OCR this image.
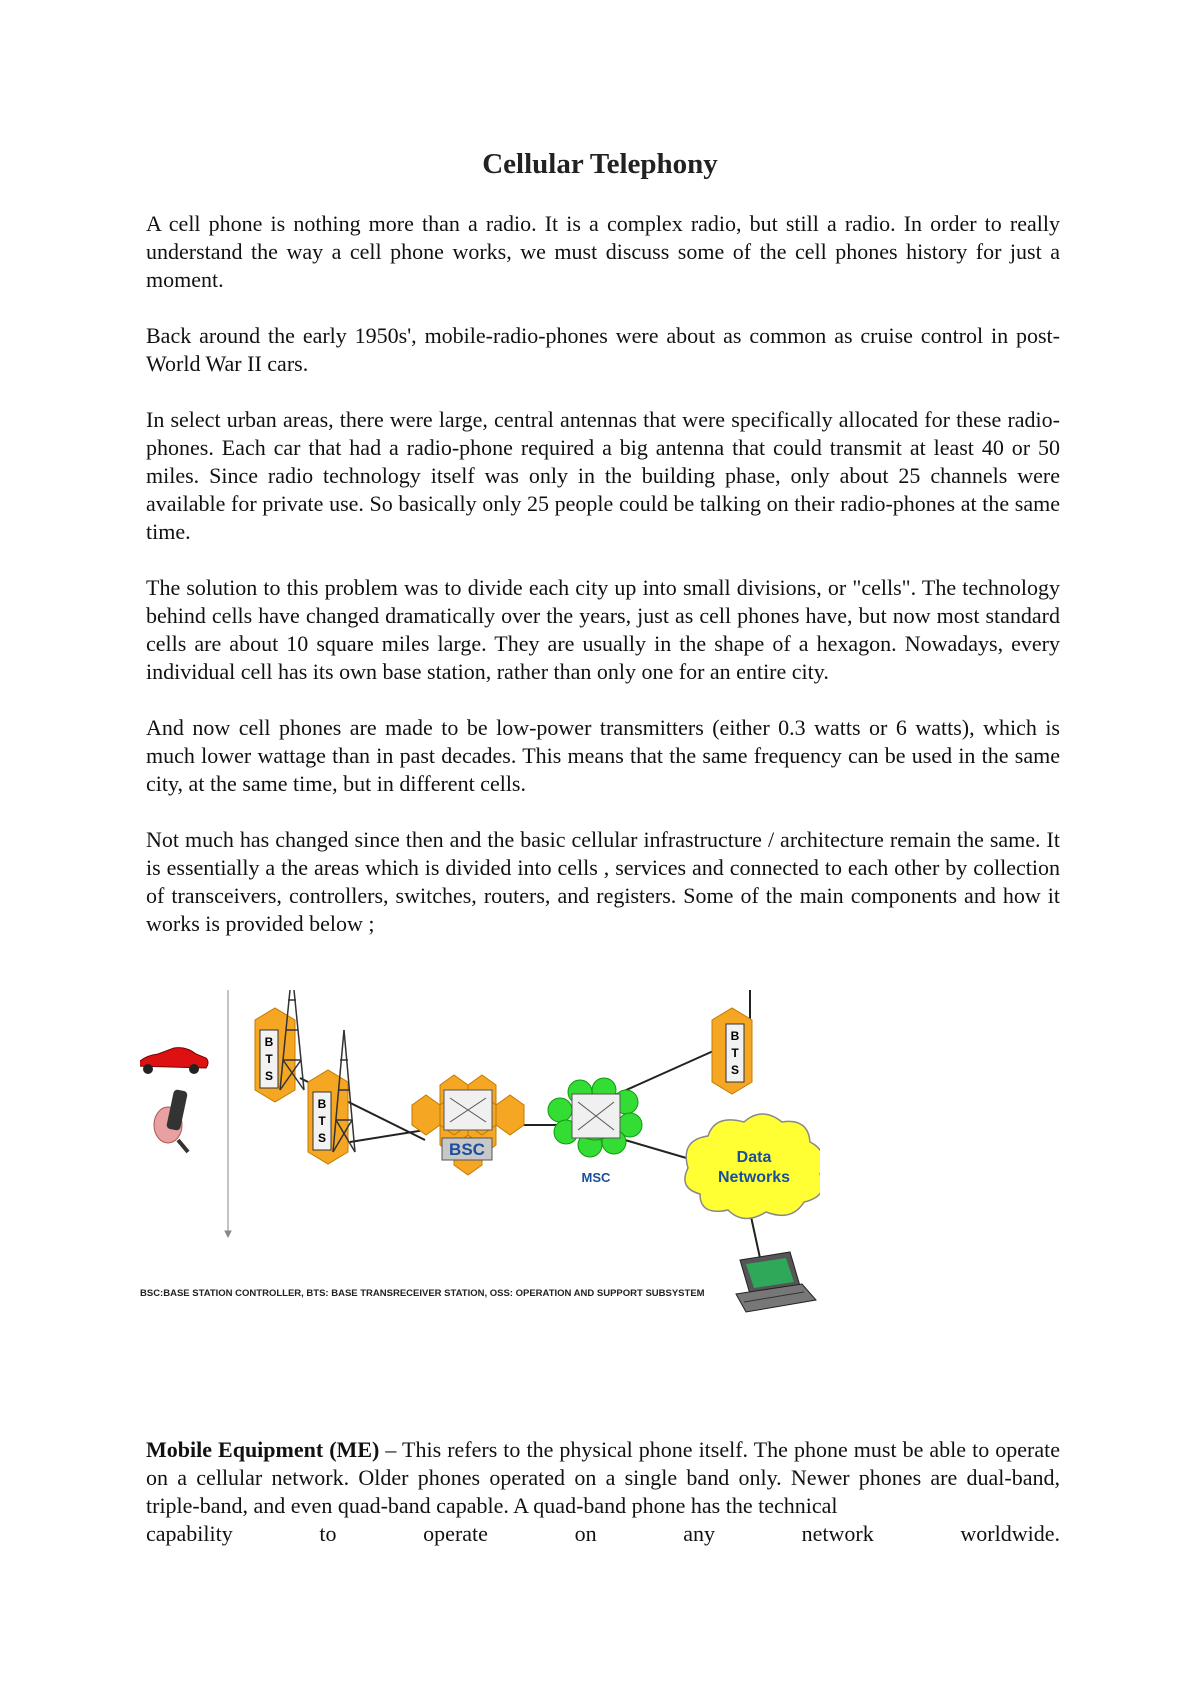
Cellular Telephony

A cell phone is nothing more than a radio. It is a complex radio, but still a radio. In order to really understand the way a cell phone works, we must discuss some of the cell phones history for just a moment.

Back around the early 1950s', mobile-radio-phones were about as common as cruise control in post- World War II cars.

In select urban areas, there were large, central antennas that were specifically allocated for these radio-phones. Each car that had a radio-phone required a big antenna that could transmit at least 40 or 50 miles. Since radio technology itself was only in the building phase, only about 25 channels were available for private use. So basically only 25 people could be talking on their radio-phones at the same time.

The solution to this problem was to divide each city up into small divisions, or "cells". The technology behind cells have changed dramatically over the years, just as cell phones have, but now most standard cells are about 10 square miles large. They are usually in the shape of a hexagon. Nowadays, every individual cell has its own base station, rather than only one for an entire city.

And now cell phones are made to be low-power transmitters (either 0.3 watts or 6 watts), which is much lower wattage than in past decades. This means that the same frequency can be used in the same city, at the same time, but in different cells.

Not much has changed since then and the basic cellular infrastructure / architecture remain the same. It is essentially a the areas which is divided into cells , services and connected to each other by collection of transceivers, controllers, switches, routers, and registers. Some of the main components and how it works is provided below ;

B
T
S
B
T
S
BSC
MSC
B
T
S
Data
Networks
BSC:BASE STATION CONTROLLER, BTS: BASE TRANSRECEIVER STATION, OSS: OPERATION AND SUPPORT SUBSYSTEM

Mobile Equipment (ME) – This refers to the physical phone itself. The phone must be able to operate on a cellular network. Older phones operated on a single band only. Newer phones are dual-band, triple-band, and even quad-band capable. A quad-band phone has the technical

capability to operate on any network worldwide.
